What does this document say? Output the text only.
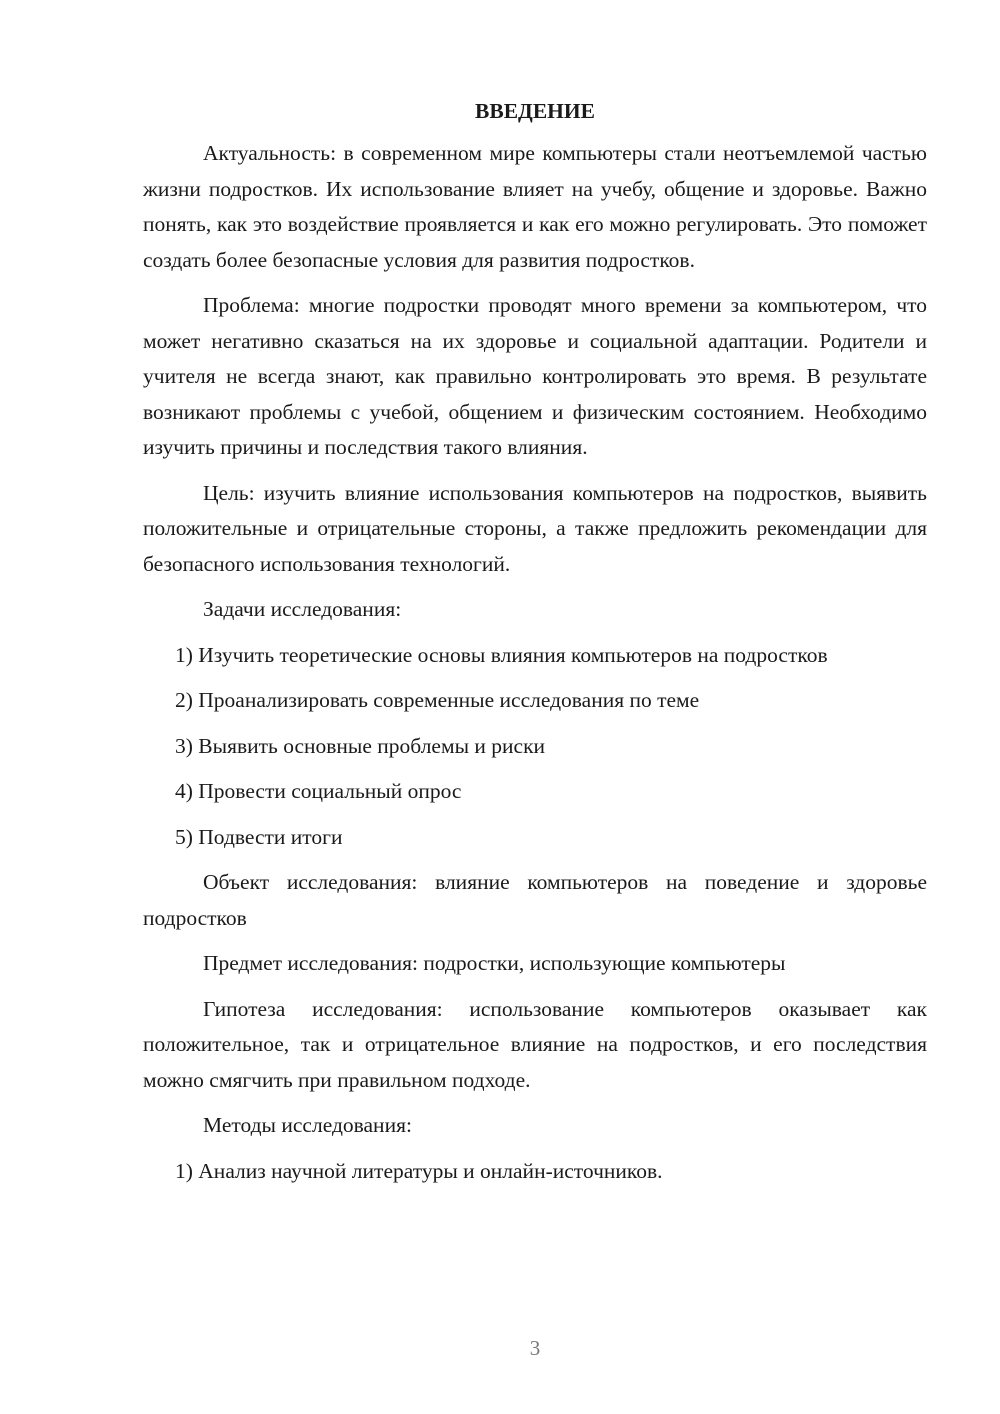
ВВЕДЕНИЕ

Актуальность: в современном мире компьютеры стали неотъемлемой частью жизни подростков. Их использование влияет на учебу, общение и здоровье. Важно понять, как это воздействие проявляется и как его можно регулировать. Это поможет создать более безопасные условия для развития подростков.

Проблема: многие подростки проводят много времени за компьютером, что может негативно сказаться на их здоровье и социальной адаптации. Родители и учителя не всегда знают, как правильно контролировать это время. В результате возникают проблемы с учебой, общением и физическим состоянием. Необходимо изучить причины и последствия такого влияния.

Цель: изучить влияние использования компьютеров на подростков, выявить положительные и отрицательные стороны, а также предложить рекомендации для безопасного использования технологий.

Задачи исследования:

1) Изучить теоретические основы влияния компьютеров на подростков

2) Проанализировать современные исследования по теме

3) Выявить основные проблемы и риски

4) Провести социальный опрос

5) Подвести итоги

Объект исследования: влияние компьютеров на поведение и здоровье подростков

Предмет исследования: подростки, использующие компьютеры

Гипотеза исследования: использование компьютеров оказывает как положительное, так и отрицательное влияние на подростков, и его последствия можно смягчить при правильном подходе.

Методы исследования:

1) Анализ научной литературы и онлайн-источников.

3
